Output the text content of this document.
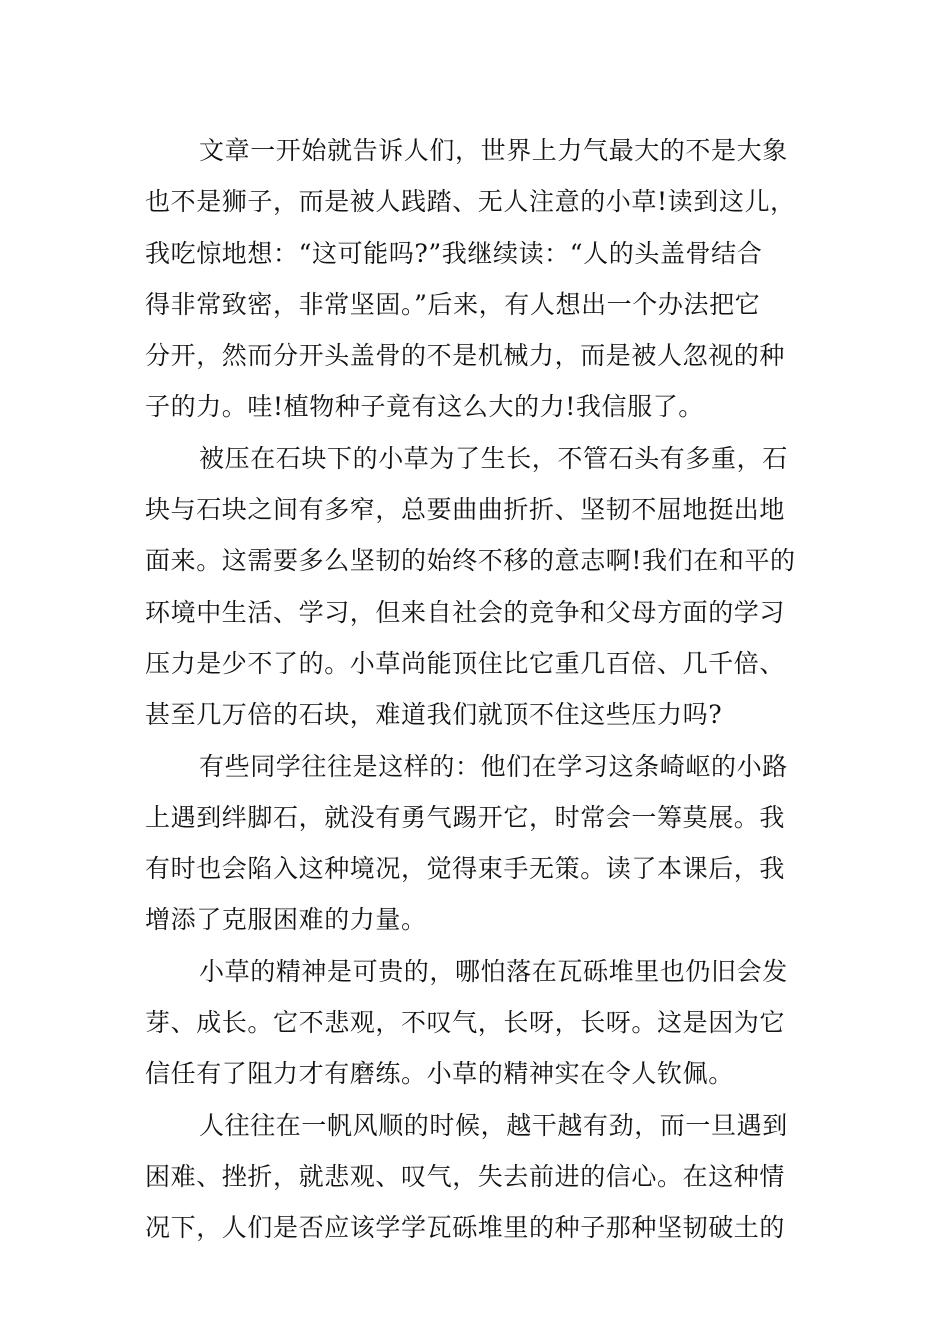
文章一开始就告诉人们，世界上力气最大的不是大象
也不是狮子，而是被人践踏、无人注意的小草!读到这儿，
我吃惊地想：“这可能吗?”我继续读：“人的头盖骨结合
得非常致密，非常坚固。”后来，有人想出一个办法把它
分开，然而分开头盖骨的不是机械力，而是被人忽视的种
子的力。哇!植物种子竟有这么大的力!我信服了。
被压在石块下的小草为了生长，不管石头有多重，石
块与石块之间有多窄，总要曲曲折折、坚韧不屈地挺出地
面来。这需要多么坚韧的始终不移的意志啊!我们在和平的
环境中生活、学习，但来自社会的竞争和父母方面的学习
压力是少不了的。小草尚能顶住比它重几百倍、几千倍、
甚至几万倍的石块，难道我们就顶不住这些压力吗?
有些同学往往是这样的：他们在学习这条崎岖的小路
上遇到绊脚石，就没有勇气踢开它，时常会一筹莫展。我
有时也会陷入这种境况，觉得束手无策。读了本课后，我
增添了克服困难的力量。
小草的精神是可贵的，哪怕落在瓦砾堆里也仍旧会发
芽、成长。它不悲观，不叹气，长呀，长呀。这是因为它
信任有了阻力才有磨练。小草的精神实在令人钦佩。
人往往在一帆风顺的时候，越干越有劲，而一旦遇到
困难、挫折，就悲观、叹气，失去前进的信心。在这种情
况下，人们是否应该学学瓦砾堆里的种子那种坚韧破土的
